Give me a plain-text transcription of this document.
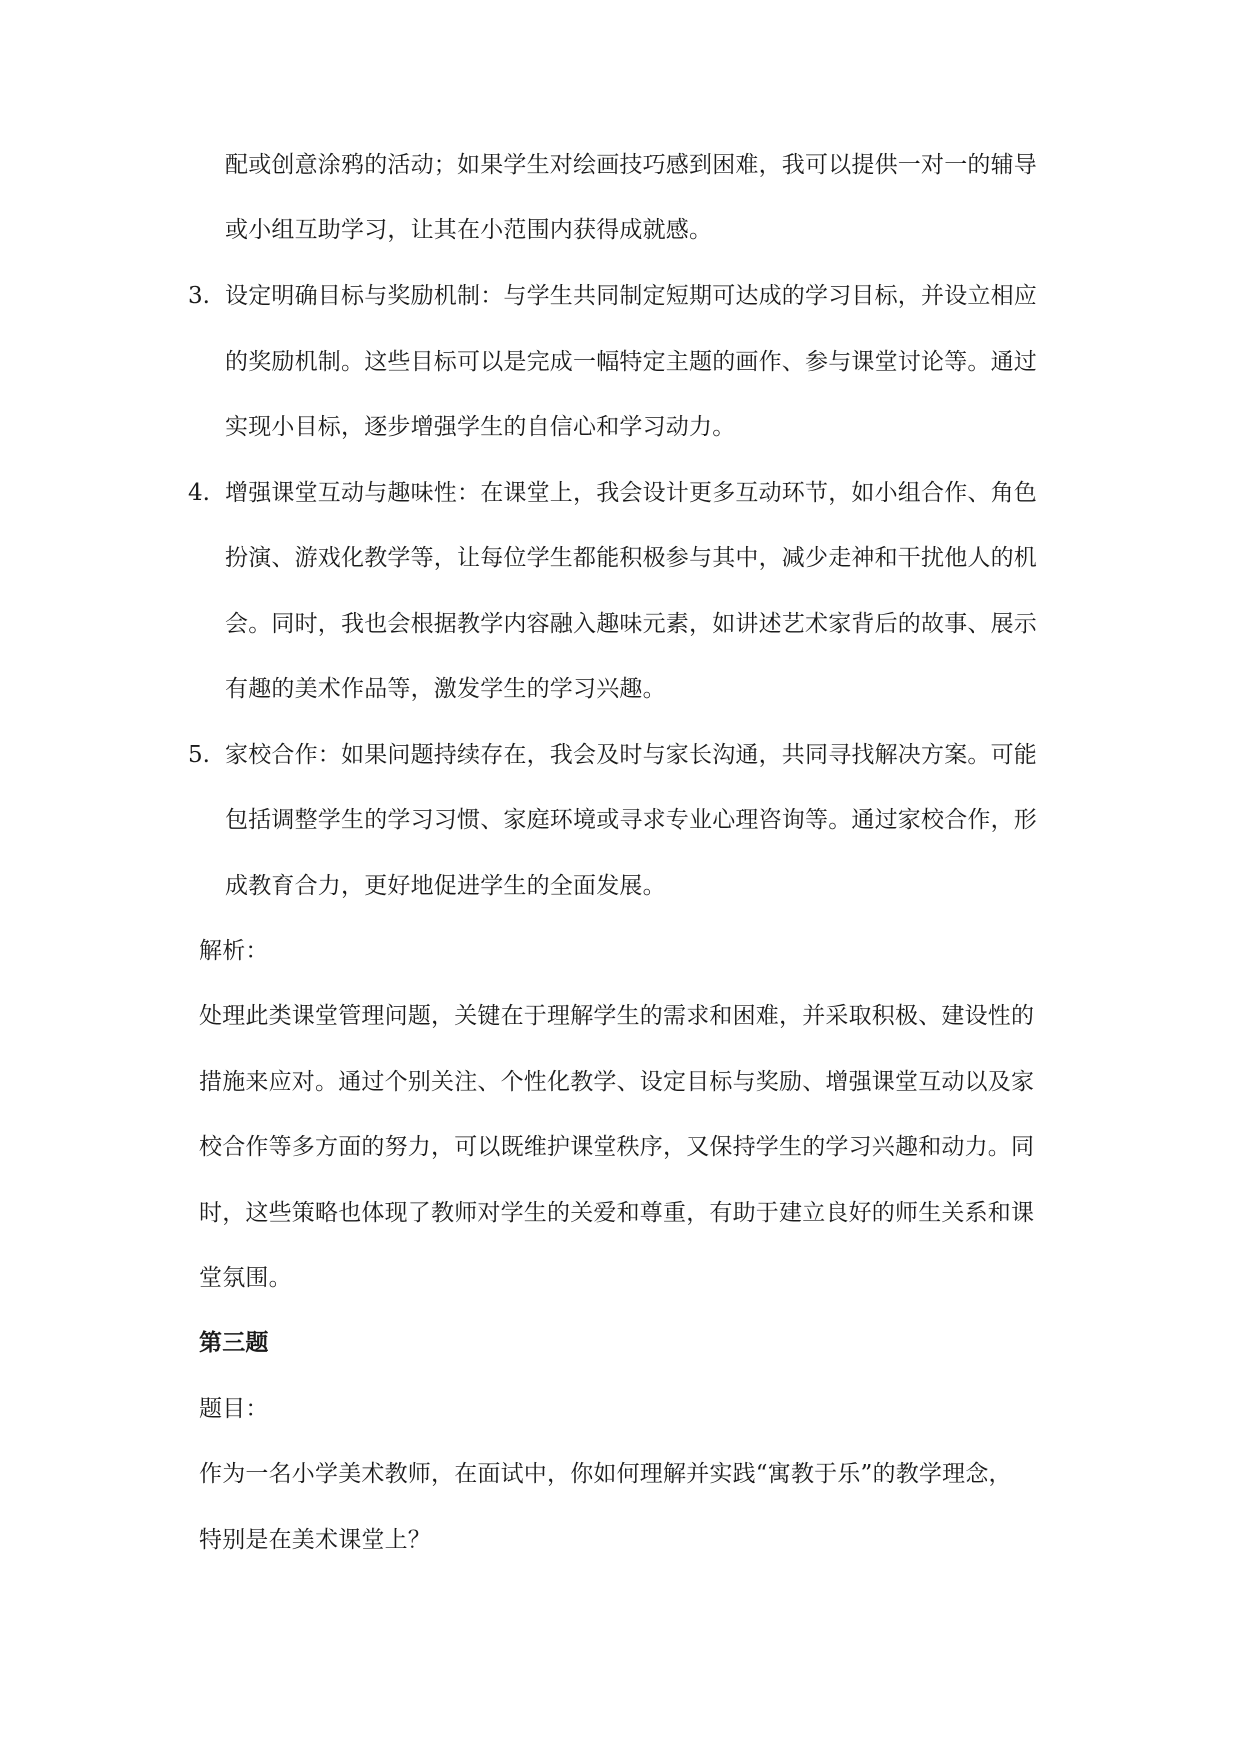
配或创意涂鸦的活动；如果学生对绘画技巧感到困难，我可以提供一对一的辅导
或小组互助学习，让其在小范围内获得成就感。
3. 设定明确目标与奖励机制：与学生共同制定短期可达成的学习目标，并设立相应
的奖励机制。这些目标可以是完成一幅特定主题的画作、参与课堂讨论等。通过
实现小目标，逐步增强学生的自信心和学习动力。
4. 增强课堂互动与趣味性：在课堂上，我会设计更多互动环节，如小组合作、角色
扮演、游戏化教学等，让每位学生都能积极参与其中，减少走神和干扰他人的机
会。同时，我也会根据教学内容融入趣味元素，如讲述艺术家背后的故事、展示
有趣的美术作品等，激发学生的学习兴趣。
5. 家校合作：如果问题持续存在，我会及时与家长沟通，共同寻找解决方案。可能
包括调整学生的学习习惯、家庭环境或寻求专业心理咨询等。通过家校合作，形
成教育合力，更好地促进学生的全面发展。
解析：
处理此类课堂管理问题，关键在于理解学生的需求和困难，并采取积极、建设性的
措施来应对。通过个别关注、个性化教学、设定目标与奖励、增强课堂互动以及家
校合作等多方面的努力，可以既维护课堂秩序，又保持学生的学习兴趣和动力。同
时，这些策略也体现了教师对学生的关爱和尊重，有助于建立良好的师生关系和课
堂氛围。
第三题
题目：
作为一名小学美术教师，在面试中，你如何理解并实践“寓教于乐”的教学理念，
特别是在美术课堂上？
